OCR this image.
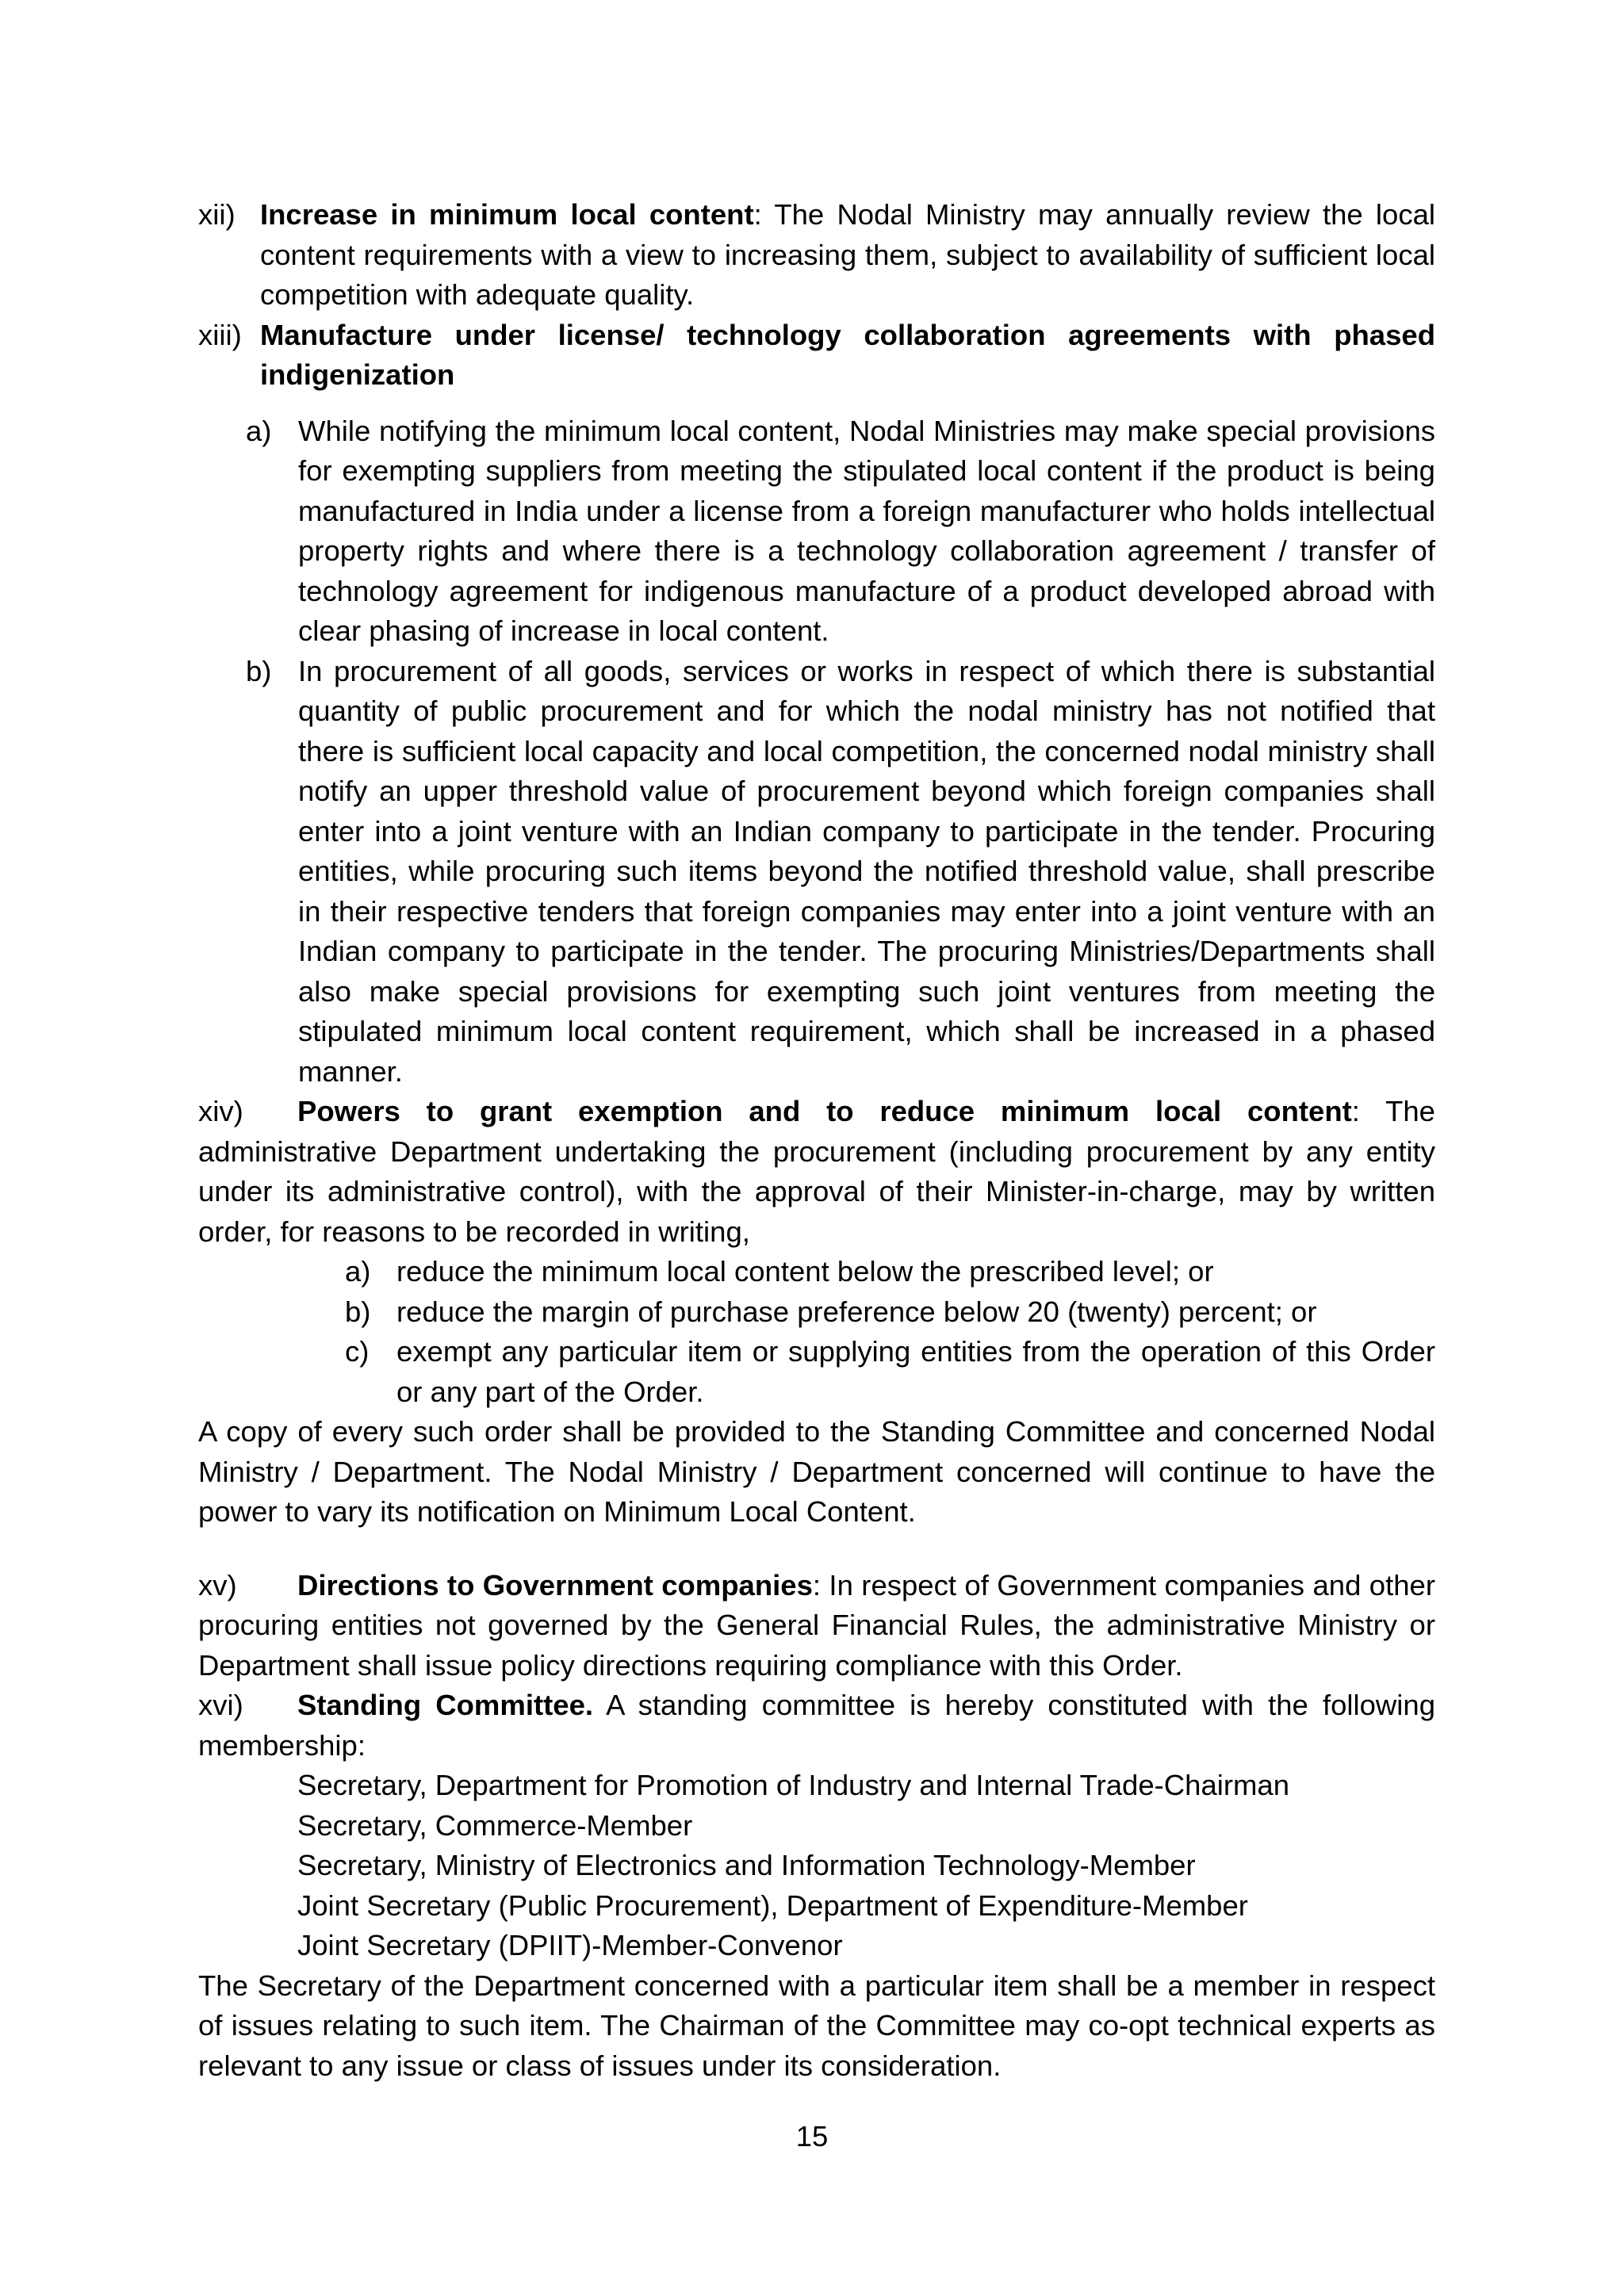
xii) Increase in minimum local content: The Nodal Ministry may annually review the local content requirements with a view to increasing them, subject to availability of sufficient local competition with adequate quality.

xiii) Manufacture under license/ technology collaboration agreements with phased indigenization

a) While notifying the minimum local content, Nodal Ministries may make special provisions for exempting suppliers from meeting the stipulated local content if the product is being manufactured in India under a license from a foreign manufacturer who holds intellectual property rights and where there is a technology collaboration agreement / transfer of technology agreement for indigenous manufacture of a product developed abroad with clear phasing of increase in local content.

b) In procurement of all goods, services or works in respect of which there is substantial quantity of public procurement and for which the nodal ministry has not notified that there is sufficient local capacity and local competition, the concerned nodal ministry shall notify an upper threshold value of procurement beyond which foreign companies shall enter into a joint venture with an Indian company to participate in the tender. Procuring entities, while procuring such items beyond the notified threshold value, shall prescribe in their respective tenders that foreign companies may enter into a joint venture with an Indian company to participate in the tender. The procuring Ministries/Departments shall also make special provisions for exempting such joint ventures from meeting the stipulated minimum local content requirement, which shall be increased in a phased manner.

xiv) Powers to grant exemption and to reduce minimum local content: The administrative Department undertaking the procurement (including procurement by any entity under its administrative control), with the approval of their Minister-in-charge, may by written order, for reasons to be recorded in writing,

a) reduce the minimum local content below the prescribed level; or

b) reduce the margin of purchase preference below 20 (twenty) percent; or

c) exempt any particular item or supplying entities from the operation of this Order or any part of the Order.

A copy of every such order shall be provided to the Standing Committee and concerned Nodal Ministry / Department. The Nodal Ministry / Department concerned will continue to have the power to vary its notification on Minimum Local Content.

xv) Directions to Government companies: In respect of Government companies and other procuring entities not governed by the General Financial Rules, the administrative Ministry or Department shall issue policy directions requiring compliance with this Order.

xvi) Standing Committee. A standing committee is hereby constituted with the following membership:

Secretary, Department for Promotion of Industry and Internal Trade-Chairman

Secretary, Commerce-Member

Secretary, Ministry of Electronics and Information Technology-Member

Joint Secretary (Public Procurement), Department of Expenditure-Member

Joint Secretary (DPIIT)-Member-Convenor

The Secretary of the Department concerned with a particular item shall be a member in respect of issues relating to such item. The Chairman of the Committee may co-opt technical experts as relevant to any issue or class of issues under its consideration.

15
